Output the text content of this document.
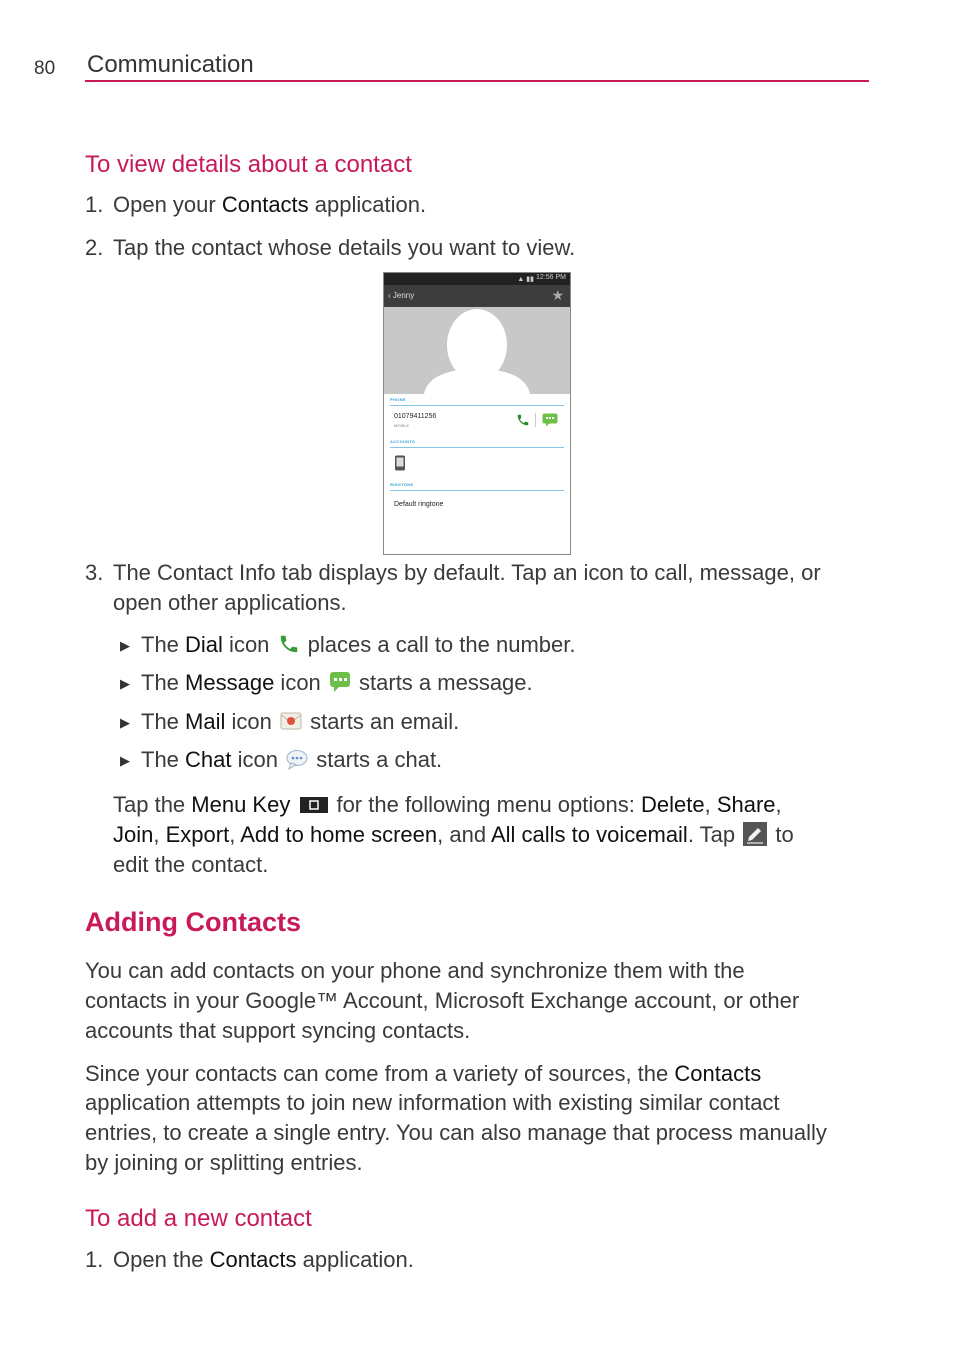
80 Communication
To view details about a contact
1. Open your Contacts application.
2. Tap the contact whose details you want to view.
▲ ▮▮ 12:56 PM
‹ Jenny	★
PHONE
01079411256
MOBILE
ACCOUNTS
RINGTONE
Default ringtone
3. The Contact Info tab displays by default. Tap an icon to call, message, or
open other applications.
▶ The Dial icon  places a call to the number.
▶ The Message icon  starts a message.
▶ The Mail icon  starts an email.
▶ The Chat icon  starts a chat.
Tap the Menu Key for the following menu options: Delete, Share,
Join, Export, Add to home screen, and All calls to voicemail. Tap  to
edit the contact.
Adding Contacts
You can add contacts on your phone and synchronize them with the
contacts in your Google™ Account, Microsoft Exchange account, or other
accounts that support syncing contacts.
Since your contacts can come from a variety of sources, the Contacts
application attempts to join new information with existing similar contact
entries, to create a single entry. You can also manage that process manually
by joining or splitting entries.
To add a new contact
1. Open the Contacts application.
